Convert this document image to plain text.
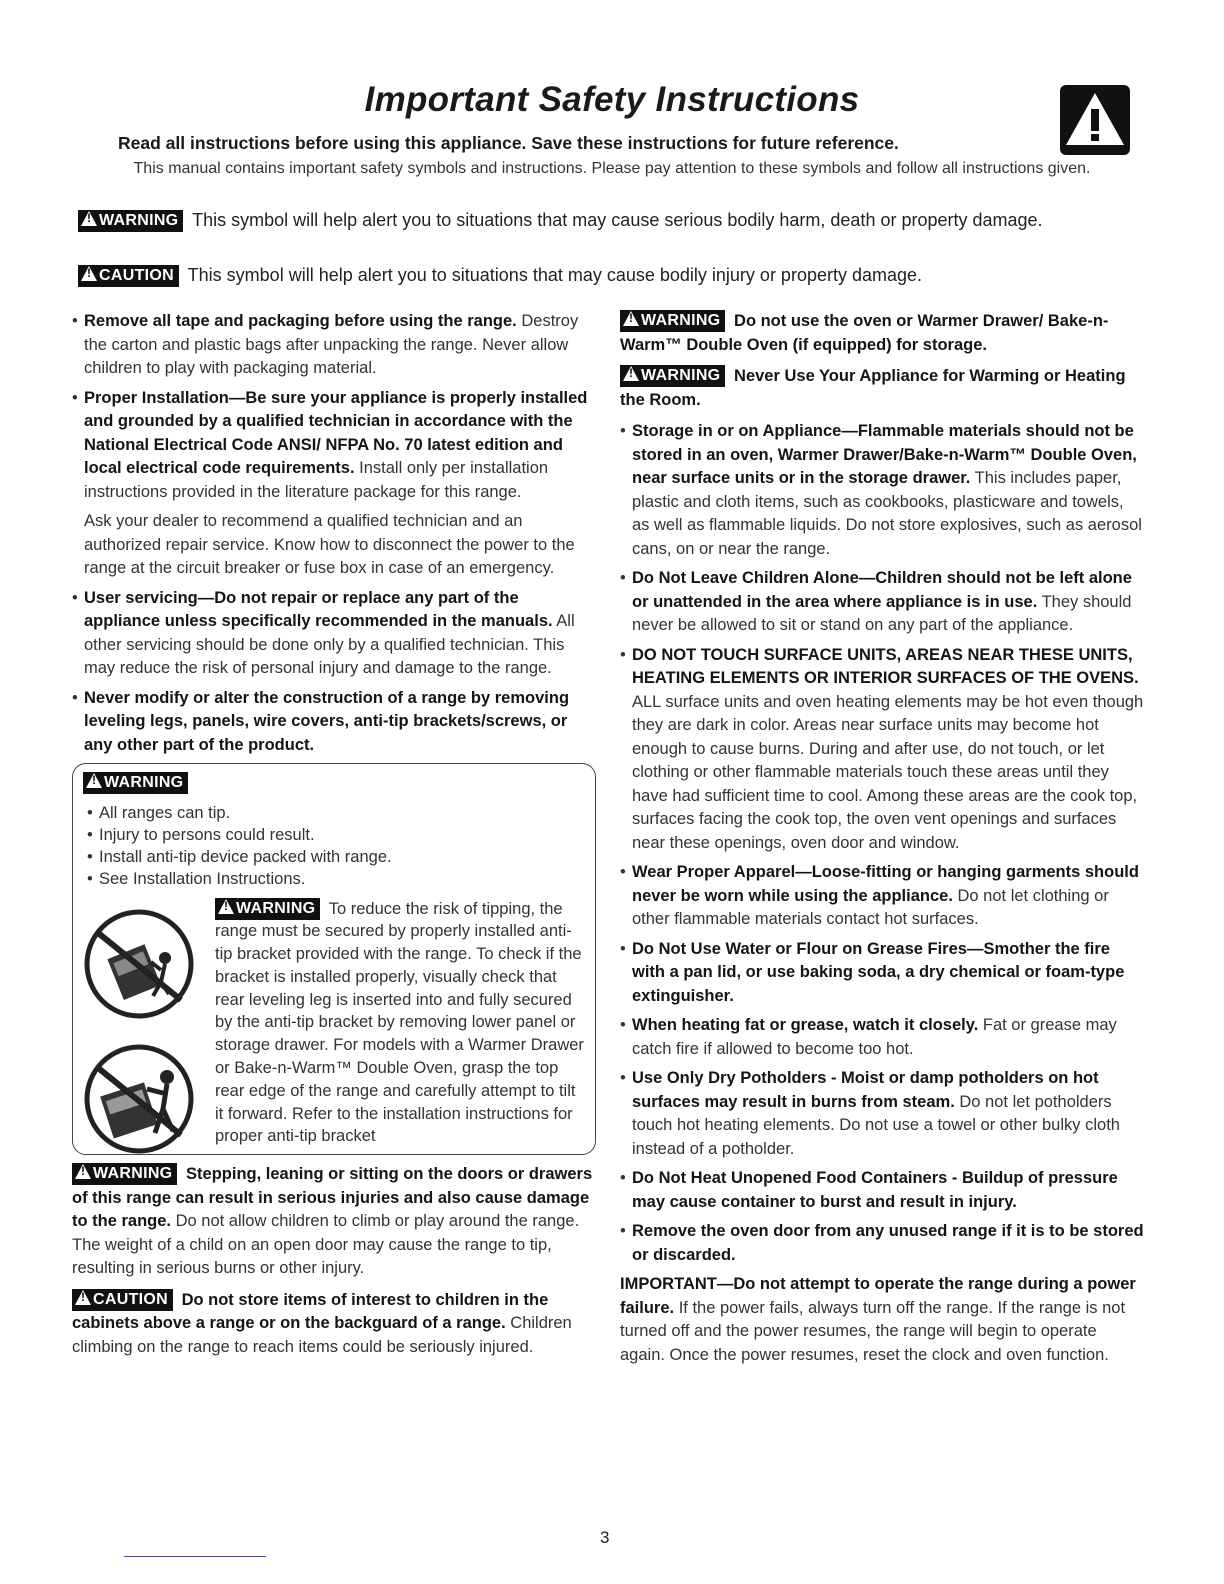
Important Safety Instructions
Read all instructions before using this appliance. Save these instructions for future reference.
This manual contains important safety symbols and instructions. Please pay attention to these symbols and follow all instructions given.
!WARNING This symbol will help alert you to situations that may cause serious bodily harm, death or property damage.
!CAUTION This symbol will help alert you to situations that may cause bodily injury or property damage.

• Remove all tape and packaging before using the range. Destroy the carton and plastic bags after unpacking the range. Never allow children to play with packaging material.

• Proper Installation—Be sure your appliance is properly installed and grounded by a qualified technician in accordance with the National Electrical Code ANSI/ NFPA No. 70 latest edition and local electrical code requirements. Install only per installation instructions provided in the literature package for this range.

Ask your dealer to recommend a qualified technician and an authorized repair service. Know how to disconnect the power to the range at the circuit breaker or fuse box in case of an emergency.

• User servicing—Do not repair or replace any part of the appliance unless specifically recommended in the manuals. All other servicing should be done only by a qualified technician. This may reduce the risk of personal injury and damage to the range.

• Never modify or alter the construction of a range by removing leveling legs, panels, wire covers, anti-tip brackets/screws, or any other part of the product.

!WARNING
• All ranges can tip.
• Injury to persons could result.
• Install anti-tip device packed with range.
• See Installation Instructions.

!WARNING To reduce the risk of tipping, the range must be secured by properly installed anti-tip bracket provided with the range. To check if the bracket is installed properly, visually check that rear leveling leg is inserted into and fully secured by the anti-tip bracket by removing lower panel or storage drawer. For models with a Warmer Drawer or Bake-n-Warm™ Double Oven, grasp the top rear edge of the range and carefully attempt to tilt it forward. Refer to the installation instructions for proper anti-tip bracket

!WARNING Stepping, leaning or sitting on the doors or drawers of this range can result in serious injuries and also cause damage to the range. Do not allow children to climb or play around the range. The weight of a child on an open door may cause the range to tip, resulting in serious burns or other injury.

!CAUTION Do not store items of interest to children in the cabinets above a range or on the backguard of a range. Children climbing on the range to reach items could be seriously injured.

!WARNING Do not use the oven or Warmer Drawer/ Bake-n-Warm™ Double Oven (if equipped) for storage.

!WARNING Never Use Your Appliance for Warming or Heating the Room.

• Storage in or on Appliance—Flammable materials should not be stored in an oven, Warmer Drawer/Bake-n-Warm™ Double Oven, near surface units or in the storage drawer. This includes paper, plastic and cloth items, such as cookbooks, plasticware and towels, as well as flammable liquids. Do not store explosives, such as aerosol cans, on or near the range.

• Do Not Leave Children Alone—Children should not be left alone or unattended in the area where appliance is in use. They should never be allowed to sit or stand on any part of the appliance.

• DO NOT TOUCH SURFACE UNITS, AREAS NEAR THESE UNITS, HEATING ELEMENTS OR INTERIOR SURFACES OF THE OVENS. ALL surface units and oven heating elements may be hot even though they are dark in color. Areas near surface units may become hot enough to cause burns. During and after use, do not touch, or let clothing or other flammable materials touch these areas until they have had sufficient time to cool. Among these areas are the cook top, surfaces facing the cook top, the oven vent openings and surfaces near these openings, oven door and window.

• Wear Proper Apparel—Loose-fitting or hanging garments should never be worn while using the appliance. Do not let clothing or other flammable materials contact hot surfaces.

• Do Not Use Water or Flour on Grease Fires—Smother the fire with a pan lid, or use baking soda, a dry chemical or foam-type extinguisher.

• When heating fat or grease, watch it closely. Fat or grease may catch fire if allowed to become too hot.

• Use Only Dry Potholders - Moist or damp potholders on hot surfaces may result in burns from steam. Do not let potholders touch hot heating elements. Do not use a towel or other bulky cloth instead of a potholder.

• Do Not Heat Unopened Food Containers - Buildup of pressure may cause container to burst and result in injury.

• Remove the oven door from any unused range if it is to be stored or discarded.

IMPORTANT—Do not attempt to operate the range during a power failure. If the power fails, always turn off the range. If the range is not turned off and the power resumes, the range will begin to operate again. Once the power resumes, reset the clock and oven function.

3
